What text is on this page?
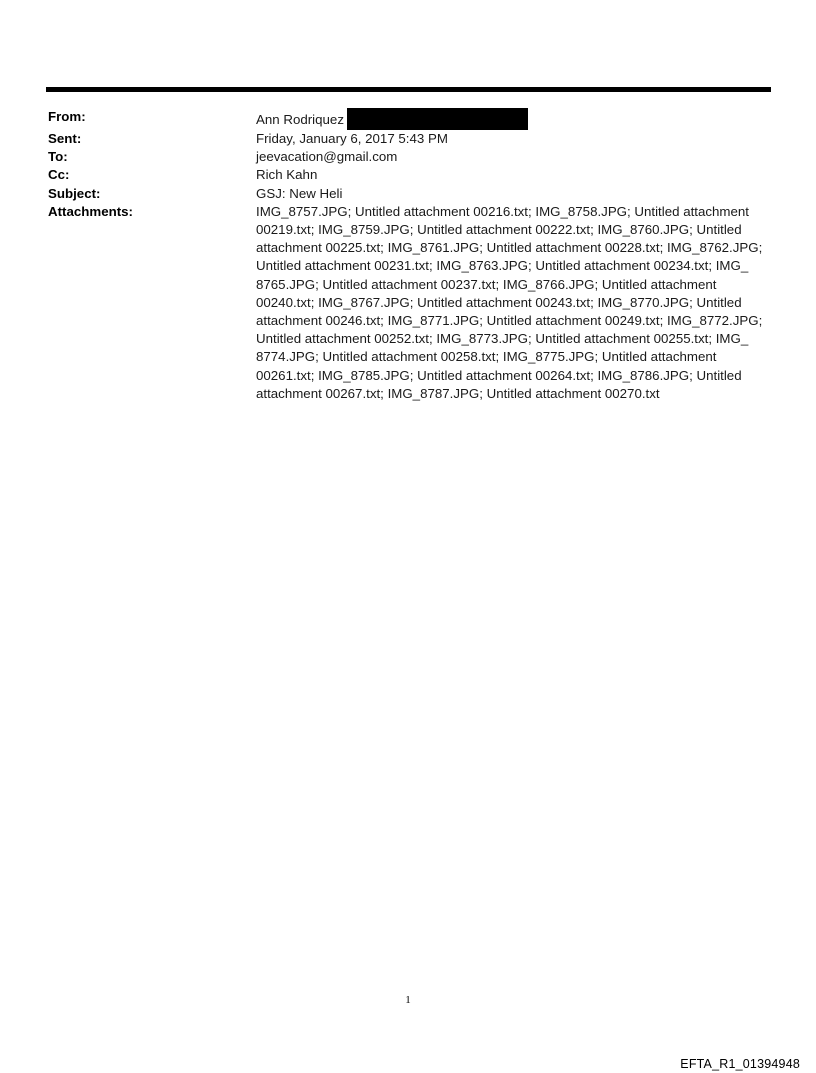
From:	Ann Rodriquez
Sent:	Friday, January 6, 2017 5:43 PM
To:	jeevacation@gmail.com
Cc:	Rich Kahn
Subject:	GSJ: New Heli
Attachments:	IMG_8757.JPG; Untitled attachment 00216.txt; IMG_8758.JPG; Untitled attachment
00219.txt; IMG_8759.JPG; Untitled attachment 00222.txt; IMG_8760.JPG; Untitled
attachment 00225.txt; IMG_8761.JPG; Untitled attachment 00228.txt; IMG_8762.JPG;
Untitled attachment 00231.txt; IMG_8763.JPG; Untitled attachment 00234.txt; IMG_
8765.JPG; Untitled attachment 00237.txt; IMG_8766.JPG; Untitled attachment
00240.txt; IMG_8767.JPG; Untitled attachment 00243.txt; IMG_8770.JPG; Untitled
attachment 00246.txt; IMG_8771.JPG; Untitled attachment 00249.txt; IMG_8772.JPG;
Untitled attachment 00252.txt; IMG_8773.JPG; Untitled attachment 00255.txt; IMG_
8774.JPG; Untitled attachment 00258.txt; IMG_8775.JPG; Untitled attachment
00261.txt; IMG_8785.JPG; Untitled attachment 00264.txt; IMG_8786.JPG; Untitled
attachment 00267.txt; IMG_8787.JPG; Untitled attachment 00270.txt
1
EFTA_R1_01394948
